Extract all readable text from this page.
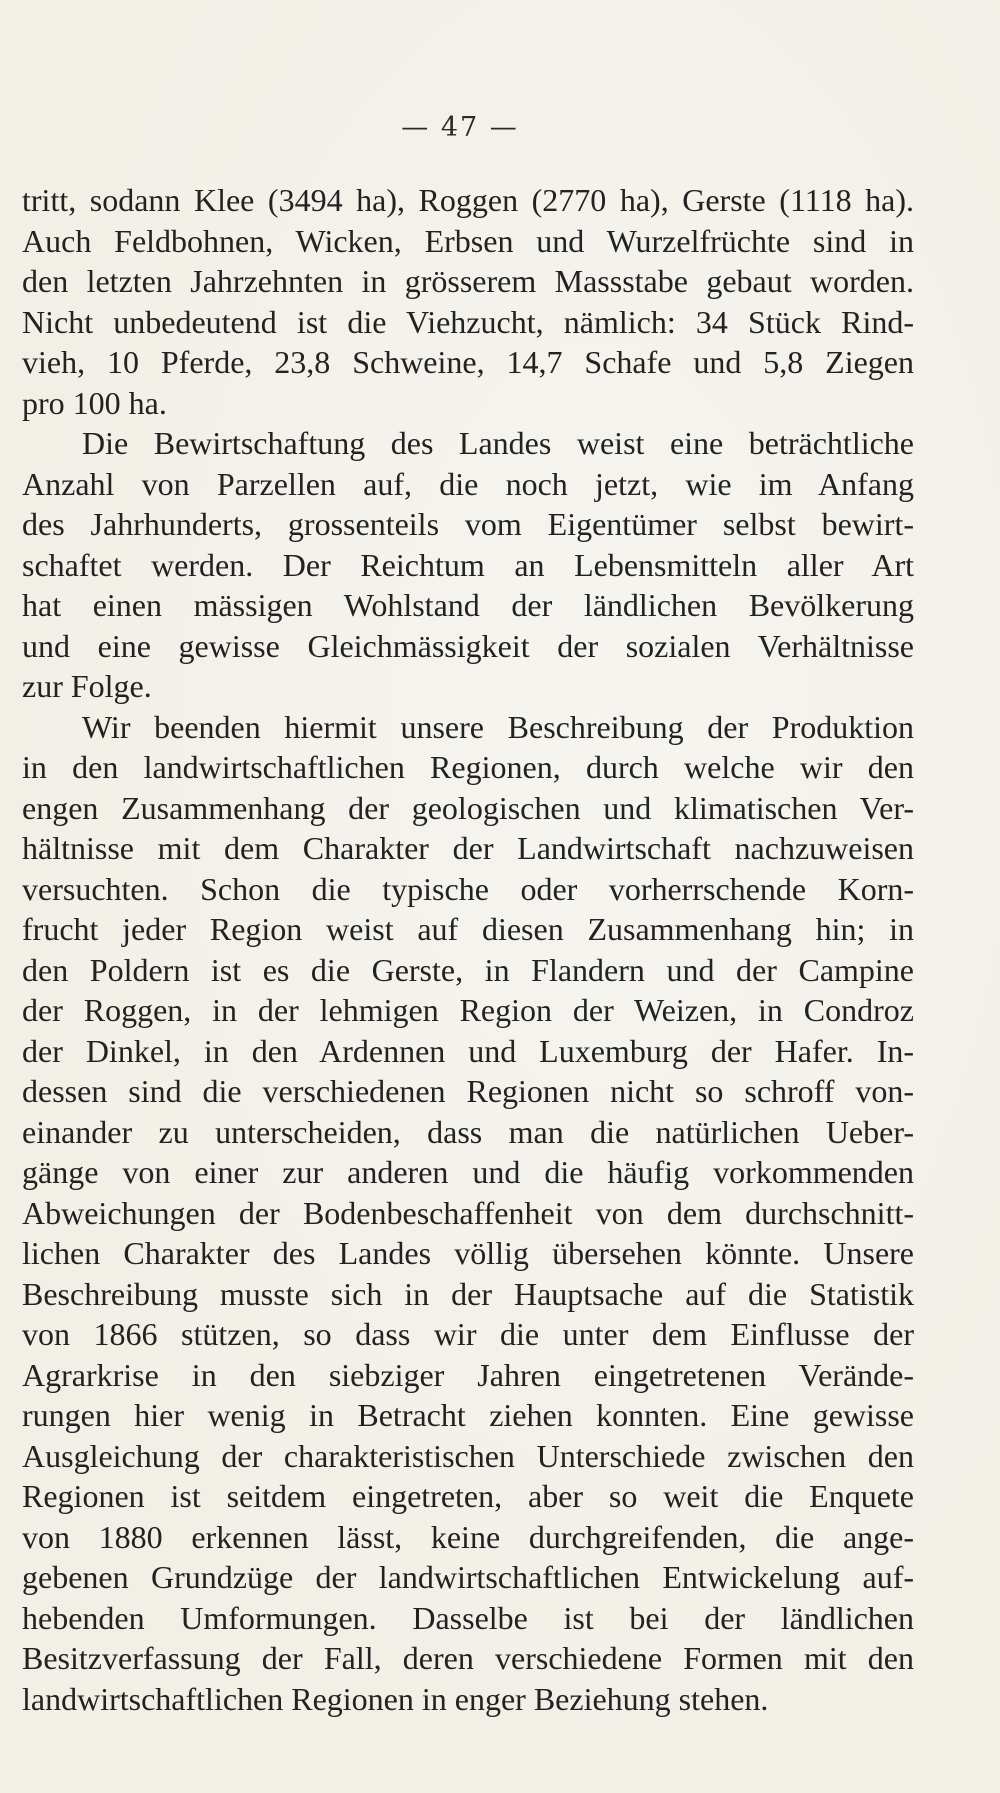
— 47 —
tritt, sodann Klee (3494 ha), Roggen (2770 ha), Gerste (1118 ha).
Auch Feldbohnen, Wicken, Erbsen und Wurzelfrüchte sind in
den letzten Jahrzehnten in grösserem Massstabe gebaut worden.
Nicht unbedeutend ist die Viehzucht, nämlich: 34 Stück Rind-
vieh, 10 Pferde, 23,8 Schweine, 14,7 Schafe und 5,8 Ziegen
pro 100 ha.
Die Bewirtschaftung des Landes weist eine beträchtliche
Anzahl von Parzellen auf, die noch jetzt, wie im Anfang
des Jahrhunderts, grossenteils vom Eigentümer selbst bewirt-
schaftet werden. Der Reichtum an Lebensmitteln aller Art
hat einen mässigen Wohlstand der ländlichen Bevölkerung
und eine gewisse Gleichmässigkeit der sozialen Verhältnisse
zur Folge.
Wir beenden hiermit unsere Beschreibung der Produktion
in den landwirtschaftlichen Regionen, durch welche wir den
engen Zusammenhang der geologischen und klimatischen Ver-
hältnisse mit dem Charakter der Landwirtschaft nachzuweisen
versuchten. Schon die typische oder vorherrschende Korn-
frucht jeder Region weist auf diesen Zusammenhang hin; in
den Poldern ist es die Gerste, in Flandern und der Campine
der Roggen, in der lehmigen Region der Weizen, in Condroz
der Dinkel, in den Ardennen und Luxemburg der Hafer. In-
dessen sind die verschiedenen Regionen nicht so schroff von-
einander zu unterscheiden, dass man die natürlichen Ueber-
gänge von einer zur anderen und die häufig vorkommenden
Abweichungen der Bodenbeschaffenheit von dem durchschnitt-
lichen Charakter des Landes völlig übersehen könnte. Unsere
Beschreibung musste sich in der Hauptsache auf die Statistik
von 1866 stützen, so dass wir die unter dem Einflusse der
Agrarkrise in den siebziger Jahren eingetretenen Verände-
rungen hier wenig in Betracht ziehen konnten. Eine gewisse
Ausgleichung der charakteristischen Unterschiede zwischen den
Regionen ist seitdem eingetreten, aber so weit die Enquete
von 1880 erkennen lässt, keine durchgreifenden, die ange-
gebenen Grundzüge der landwirtschaftlichen Entwickelung auf-
hebenden Umformungen. Dasselbe ist bei der ländlichen
Besitzverfassung der Fall, deren verschiedene Formen mit den
landwirtschaftlichen Regionen in enger Beziehung stehen.
